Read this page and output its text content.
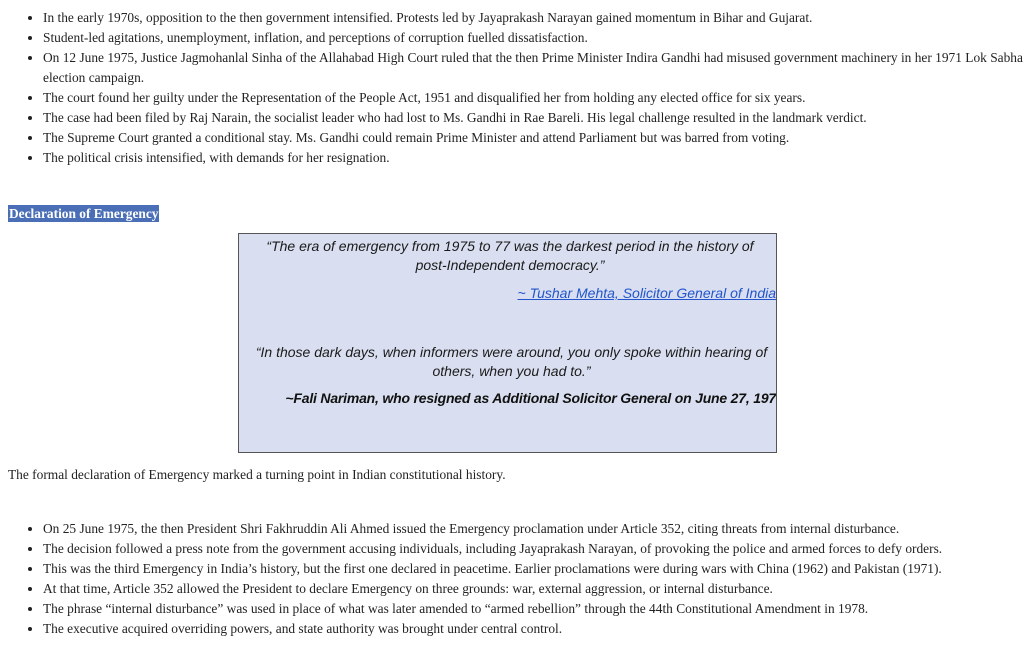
• In the early 1970s, opposition to the then government intensified. Protests led by Jayaprakash Narayan gained momentum in Bihar and Gujarat.
• Student-led agitations, unemployment, inflation, and perceptions of corruption fuelled dissatisfaction.
• On 12 June 1975, Justice Jagmohanlal Sinha of the Allahabad High Court ruled that the then Prime Minister Indira Gandhi had misused government machinery in her 1971 Lok Sabha election campaign.
• The court found her guilty under the Representation of the People Act, 1951 and disqualified her from holding any elected office for six years.
• The case had been filed by Raj Narain, the socialist leader who had lost to Ms. Gandhi in Rae Bareli. His legal challenge resulted in the landmark verdict.
• The Supreme Court granted a conditional stay. Ms. Gandhi could remain Prime Minister and attend Parliament but was barred from voting.
• The political crisis intensified, with demands for her resignation.
Declaration of Emergency
“The era of emergency from 1975 to 77 was the darkest period in the history of post-Independent democracy.”
~ Tushar Mehta, Solicitor General of India
“In those dark days, when informers were around, you only spoke within hearing of others, when you had to.”
~Fali Nariman, who resigned as Additional Solicitor General on June 27, 197

The formal declaration of Emergency marked a turning point in Indian constitutional history.

• On 25 June 1975, the then President Shri Fakhruddin Ali Ahmed issued the Emergency proclamation under Article 352, citing threats from internal disturbance.
• The decision followed a press note from the government accusing individuals, including Jayaprakash Narayan, of provoking the police and armed forces to defy orders.
• This was the third Emergency in India’s history, but the first one declared in peacetime. Earlier proclamations were during wars with China (1962) and Pakistan (1971).
• At that time, Article 352 allowed the President to declare Emergency on three grounds: war, external aggression, or internal disturbance.
• The phrase “internal disturbance” was used in place of what was later amended to “armed rebellion” through the 44th Constitutional Amendment in 1978.
• The executive acquired overriding powers, and state authority was brought under central control.
